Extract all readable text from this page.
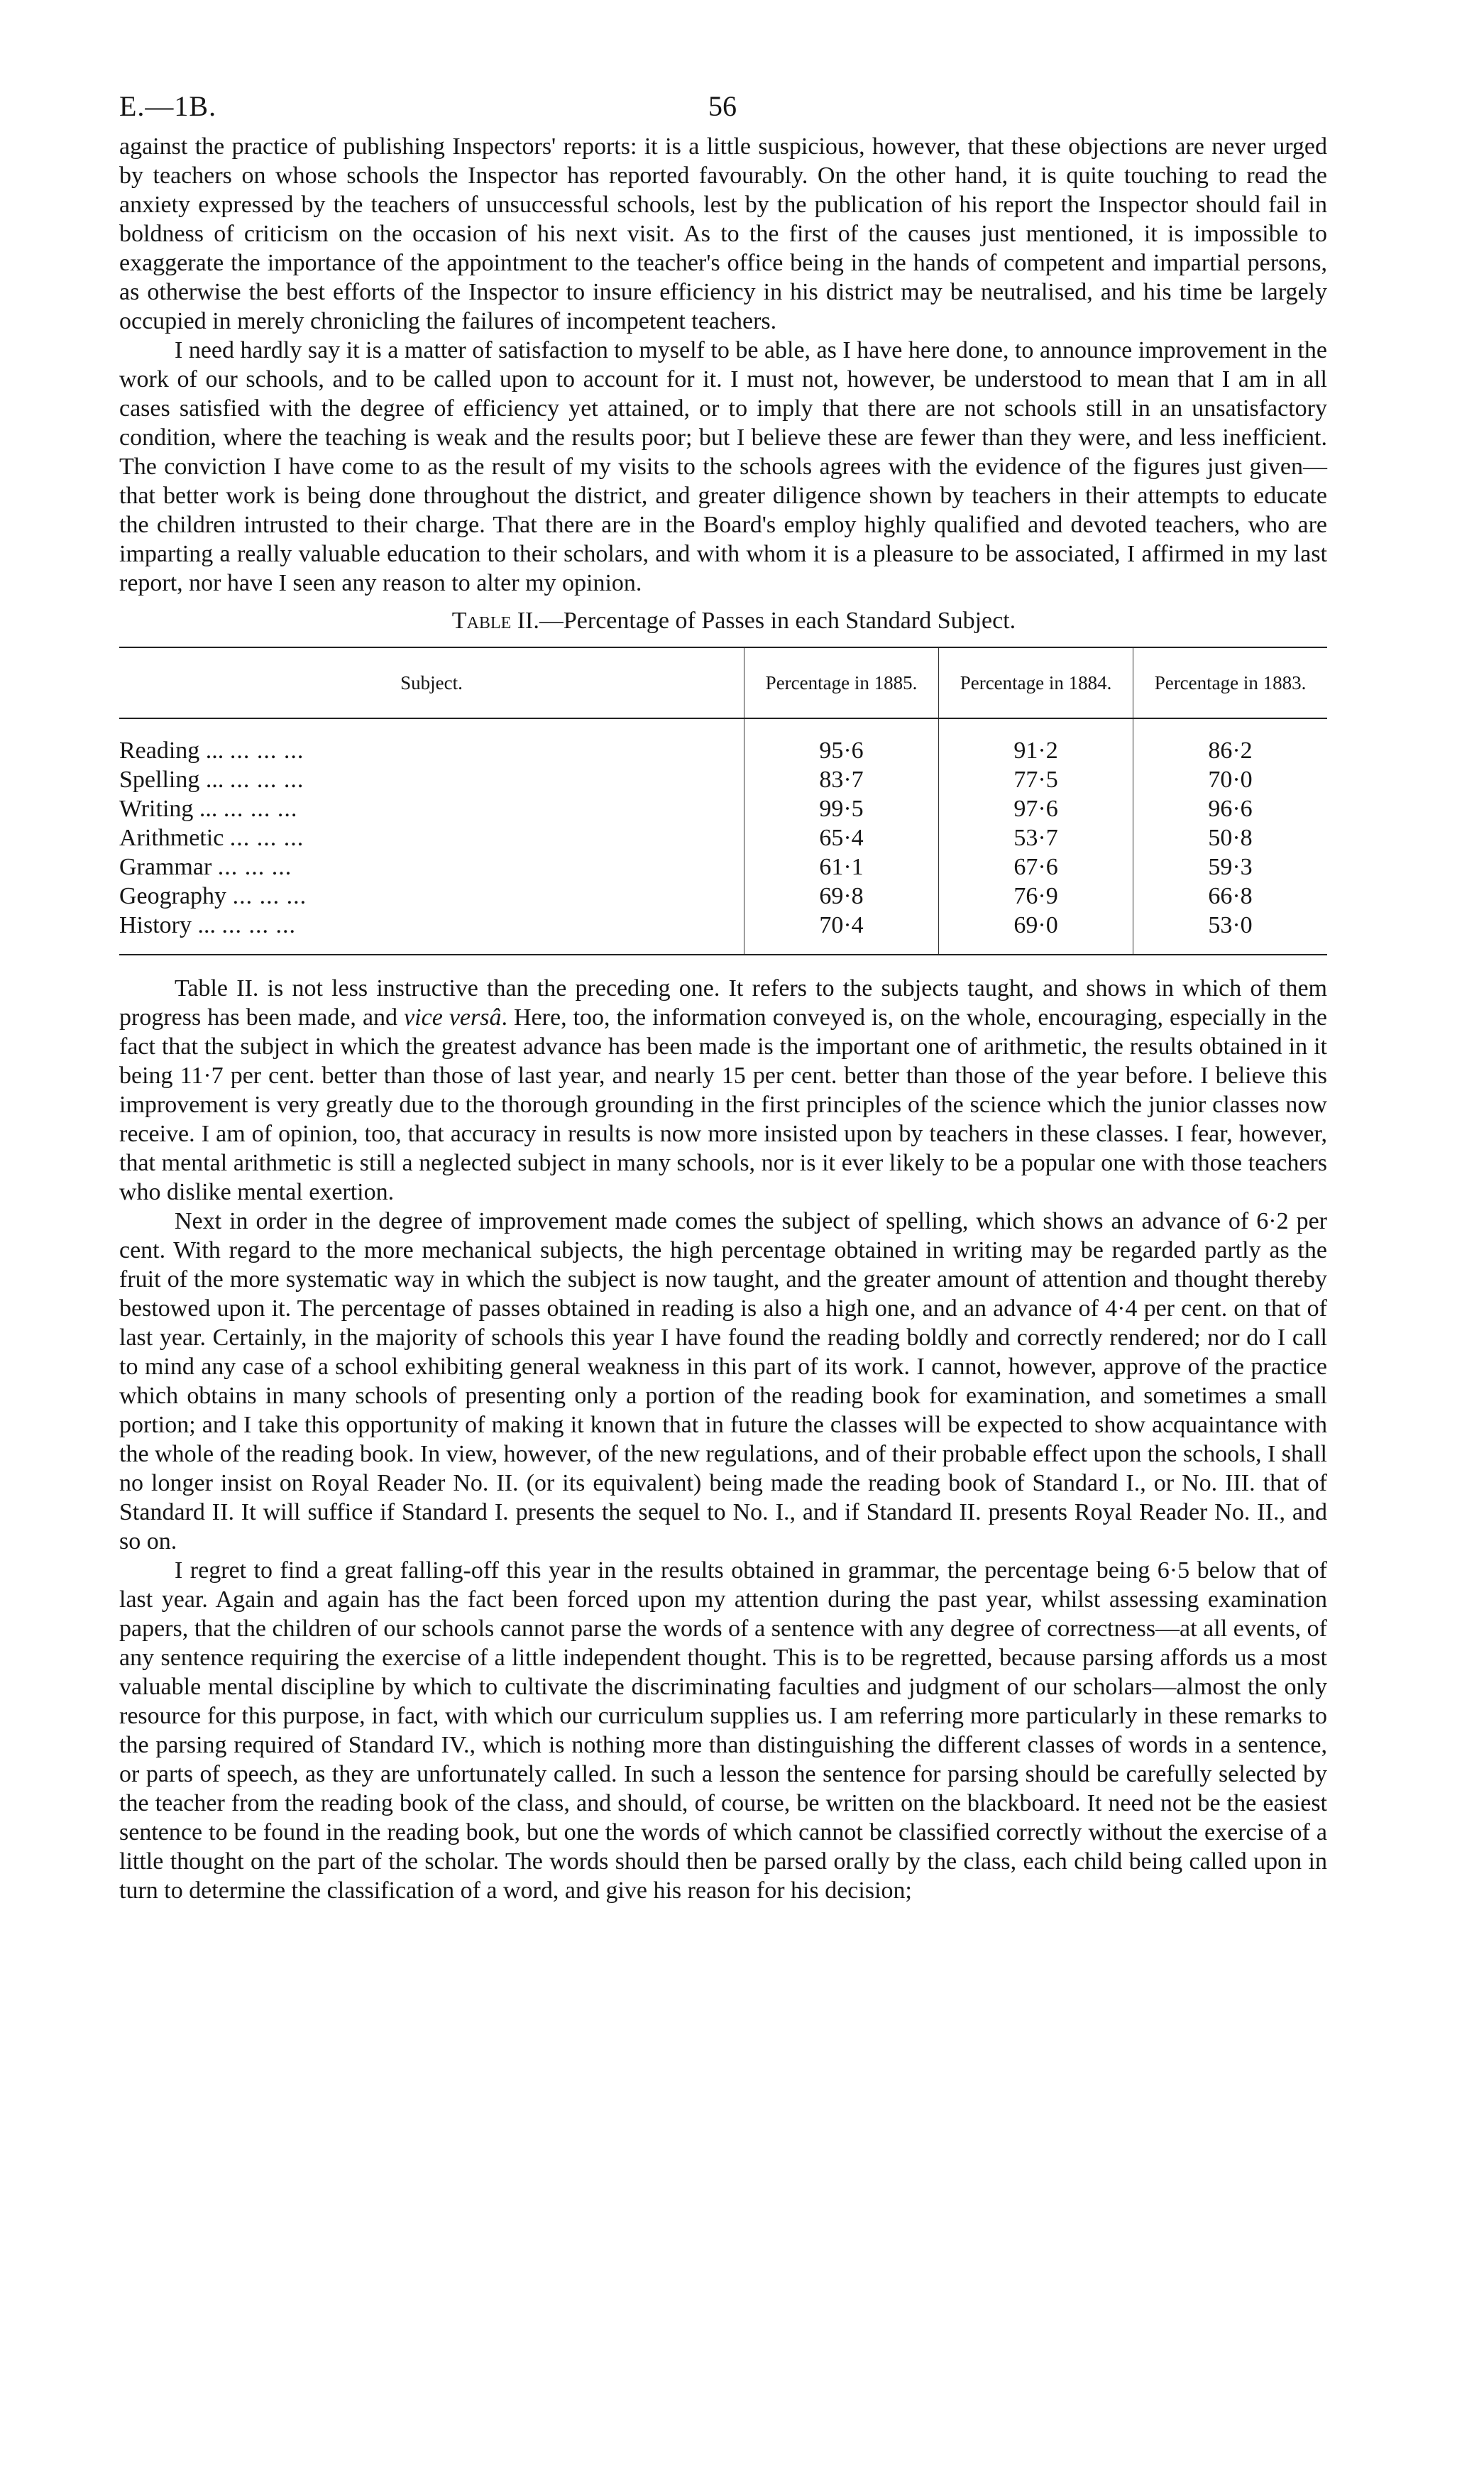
E.—1B.	56

against the practice of publishing Inspectors' reports: it is a little suspicious, however, that these objections are never urged by teachers on whose schools the Inspector has reported favourably. On the other hand, it is quite touching to read the anxiety expressed by the teachers of unsuccessful schools, lest by the publication of his report the Inspector should fail in boldness of criticism on the occasion of his next visit. As to the first of the causes just mentioned, it is impossible to exaggerate the importance of the appointment to the teacher's office being in the hands of competent and impartial persons, as otherwise the best efforts of the Inspector to insure efficiency in his district may be neutralised, and his time be largely occupied in merely chronicling the failures of incompetent teachers.

I need hardly say it is a matter of satisfaction to myself to be able, as I have here done, to announce improvement in the work of our schools, and to be called upon to account for it. I must not, however, be understood to mean that I am in all cases satisfied with the degree of efficiency yet attained, or to imply that there are not schools still in an unsatisfactory condition, where the teaching is weak and the results poor; but I believe these are fewer than they were, and less inefficient. The conviction I have come to as the result of my visits to the schools agrees with the evidence of the figures just given—that better work is being done throughout the district, and greater diligence shown by teachers in their attempts to educate the children intrusted to their charge. That there are in the Board's employ highly qualified and devoted teachers, who are imparting a really valuable education to their scholars, and with whom it is a pleasure to be associated, I affirmed in my last report, nor have I seen any reason to alter my opinion.

Table II.—Percentage of Passes in each Standard Subject.
Subject.	Percentage in 1885.	Percentage in 1884.	Percentage in 1883.
Reading ... ... ... ...	95·6	91·2	86·2
Spelling ... ... ... ...	83·7	77·5	70·0
Writing ... ... ... ...	99·5	97·6	96·6
Arithmetic ... ... ...	65·4	53·7	50·8
Grammar ... ... ...	61·1	67·6	59·3
Geography ... ... ...	69·8	76·9	66·8
History ... ... ... ...	70·4	69·0	53·0

Table II. is not less instructive than the preceding one. It refers to the subjects taught, and shows in which of them progress has been made, and vice versâ. Here, too, the information conveyed is, on the whole, encouraging, especially in the fact that the subject in which the greatest advance has been made is the important one of arithmetic, the results obtained in it being 11·7 per cent. better than those of last year, and nearly 15 per cent. better than those of the year before. I believe this improvement is very greatly due to the thorough grounding in the first principles of the science which the junior classes now receive. I am of opinion, too, that accuracy in results is now more insisted upon by teachers in these classes. I fear, however, that mental arithmetic is still a neglected subject in many schools, nor is it ever likely to be a popular one with those teachers who dislike mental exertion.

Next in order in the degree of improvement made comes the subject of spelling, which shows an advance of 6·2 per cent. With regard to the more mechanical subjects, the high percentage obtained in writing may be regarded partly as the fruit of the more systematic way in which the subject is now taught, and the greater amount of attention and thought thereby bestowed upon it. The percentage of passes obtained in reading is also a high one, and an advance of 4·4 per cent. on that of last year. Certainly, in the majority of schools this year I have found the reading boldly and correctly rendered; nor do I call to mind any case of a school exhibiting general weakness in this part of its work. I cannot, however, approve of the practice which obtains in many schools of presenting only a portion of the reading book for examination, and sometimes a small portion; and I take this opportunity of making it known that in future the classes will be expected to show acquaintance with the whole of the reading book. In view, however, of the new regulations, and of their probable effect upon the schools, I shall no longer insist on Royal Reader No. II. (or its equivalent) being made the reading book of Standard I., or No. III. that of Standard II. It will suffice if Standard I. presents the sequel to No. I., and if Standard II. presents Royal Reader No. II., and so on.

I regret to find a great falling-off this year in the results obtained in grammar, the percentage being 6·5 below that of last year. Again and again has the fact been forced upon my attention during the past year, whilst assessing examination papers, that the children of our schools cannot parse the words of a sentence with any degree of correctness—at all events, of any sentence requiring the exercise of a little independent thought. This is to be regretted, because parsing affords us a most valuable mental discipline by which to cultivate the discriminating faculties and judgment of our scholars—almost the only resource for this purpose, in fact, with which our curriculum supplies us. I am referring more particularly in these remarks to the parsing required of Standard IV., which is nothing more than distinguishing the different classes of words in a sentence, or parts of speech, as they are unfortunately called. In such a lesson the sentence for parsing should be carefully selected by the teacher from the reading book of the class, and should, of course, be written on the blackboard. It need not be the easiest sentence to be found in the reading book, but one the words of which cannot be classified correctly without the exercise of a little thought on the part of the scholar. The words should then be parsed orally by the class, each child being called upon in turn to determine the classification of a word, and give his reason for his decision;
